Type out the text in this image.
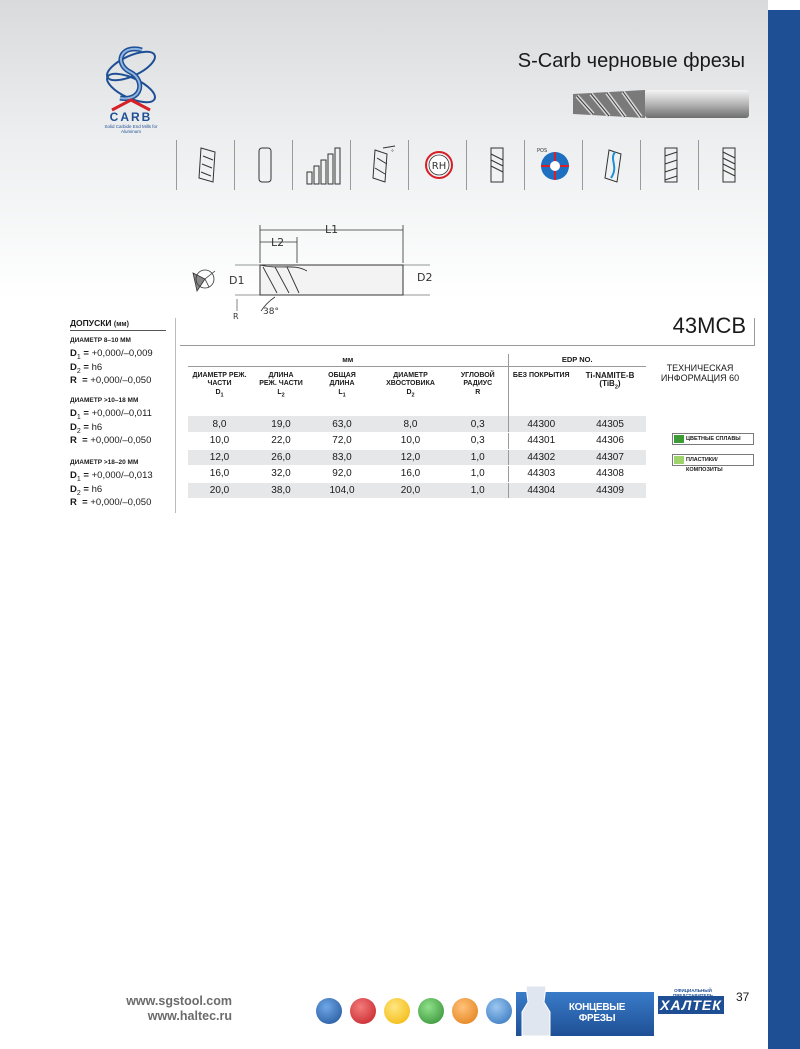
CARB
Solid Carbide End Mills for Aluminum
S-Carb черновые фрезы
°
RH
POS
L1
L2
D1	D2
38°
R
ДОПУСКИ (мм)
ДИАМЕТР 8–10 ММ
$D_1 = +0,000/-0,009$
$D_2 = h6$
R = +0,000/–0,050
ДИАМЕТР >10–18 ММ
$D_1 = +0,000/-0,011$
$D_2 = h6$
R = +0,000/–0,050
ДИАМЕТР >18–20 ММ
$D_1 = +0,000/-0,013$
$D_2 = h6$
R = +0,000/–0,050
43MCB
ТЕХНИЧЕСКАЯ
ИНФОРМАЦИЯ 60
ЦВЕТНЫЕ СПЛАВЫ
ПЛАСТИКИ/КОМПОЗИТЫ
мм					EDP NO.	
ДИАМЕТР РЕЖ.
ЧАСТИ
$D_1$	ДЛИНА
РЕЖ. ЧАСТИ
$L_2$	ОБЩАЯ
ДЛИНА
$L_1$	ДИАМЕТР
ХВОСТОВИКА
$D_2$	УГЛОВОЙ
РАДИУС
R	БЕЗ ПОКРЫТИЯ	Ti-NAMITE-B
(TiB$_2$)
8,0	19,0	63,0	8,0	0,3	44300	44305
10,0	22,0	72,0	10,0	0,3	44301	44306
12,0	26,0	83,0	12,0	1,0	44302	44307
16,0	32,0	92,0	16,0	1,0	44303	44308
20,0	38,0	104,0	20,0	1,0	44304	44309
www.sgstool.com
www.haltec.ru
КОНЦЕВЫЕ ФРЕЗЫ
ОФИЦИАЛЬНЫЙ
ХАЛТЕК 37
